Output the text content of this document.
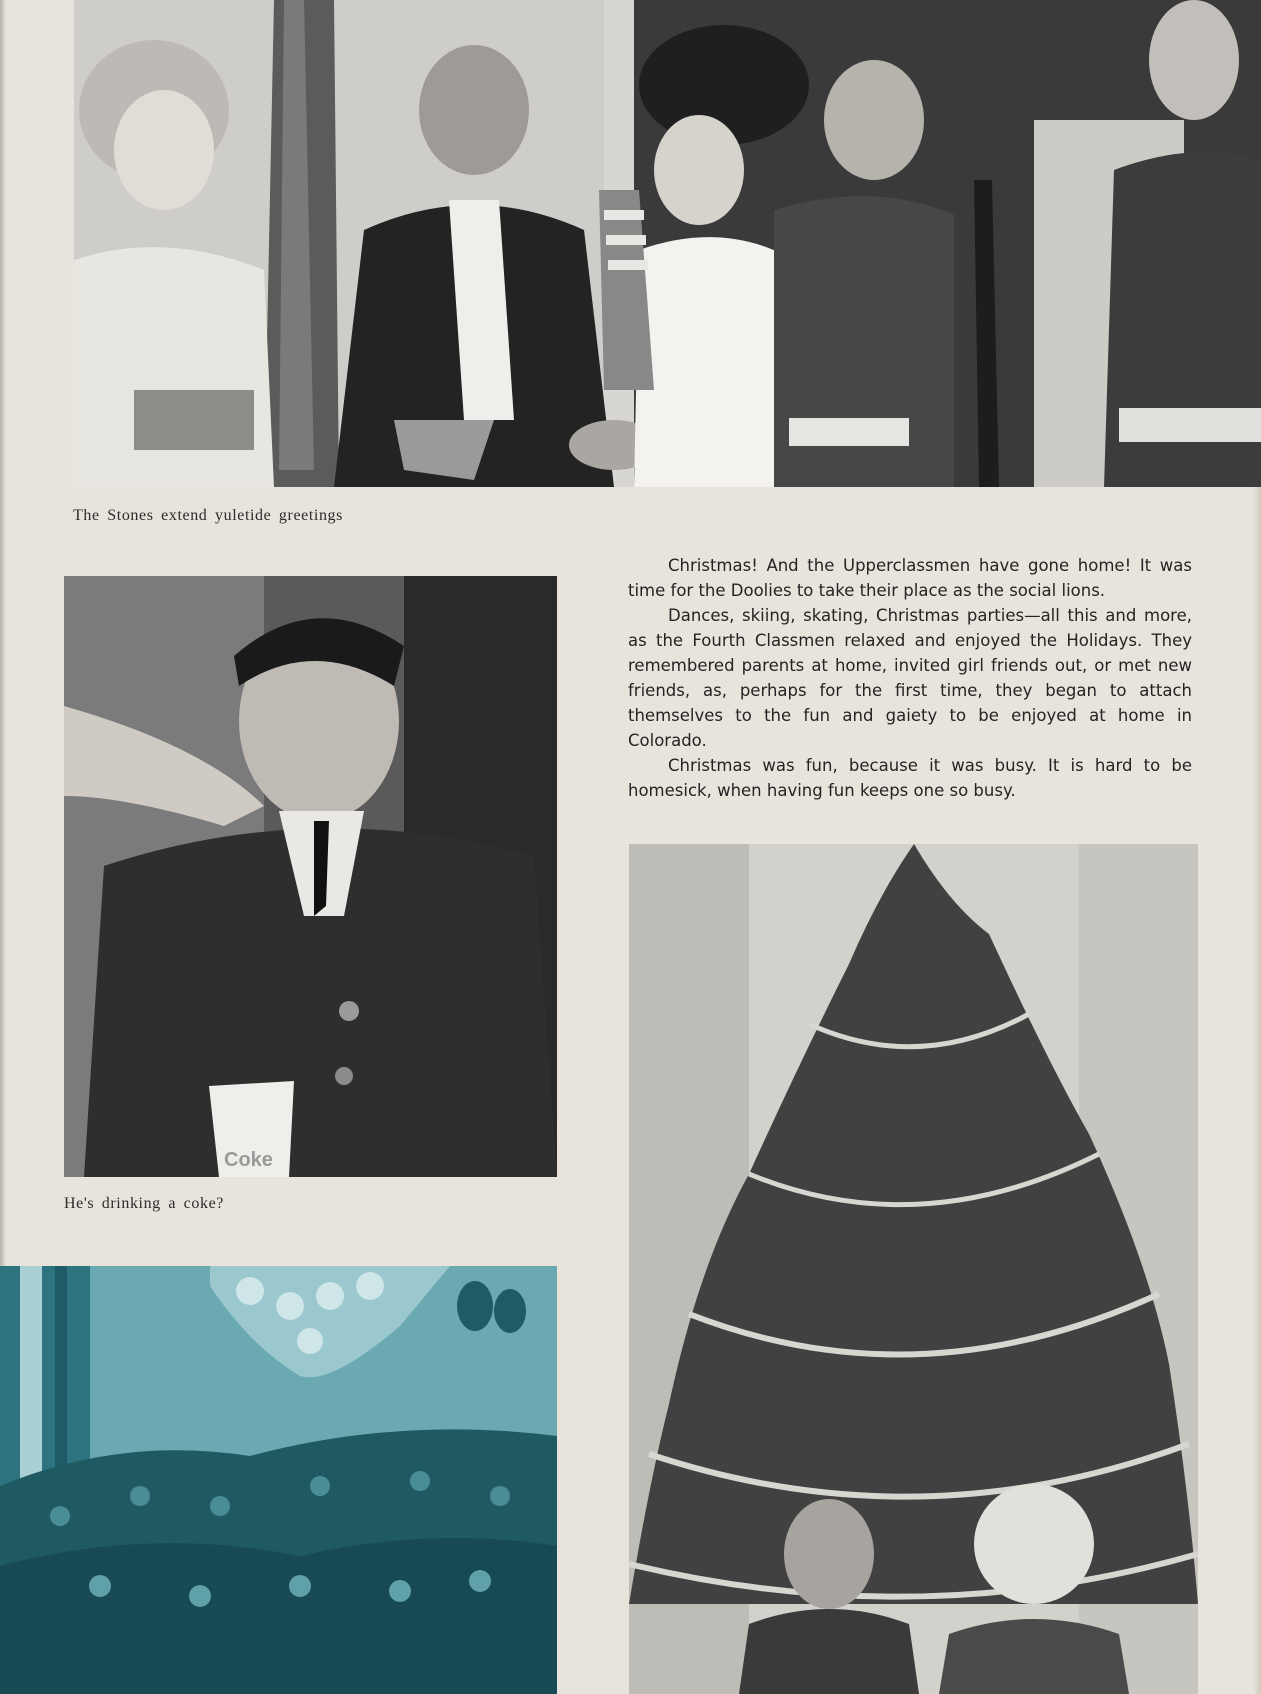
The Stones extend yuletide greetings
Coke
He's drinking a coke?

Christmas! And the Upperclassmen have gone home! It was time for the Doolies to take their place as the social lions.

Dances, skiing, skating, Christmas parties—all this and more, as the Fourth Classmen relaxed and enjoyed the Holidays. They remembered parents at home, invited girl friends out, or met new friends, as, perhaps for the first time, they began to attach themselves to the fun and gaiety to be enjoyed at home in Colorado.

Christmas was fun, because it was busy. It is hard to be homesick, when having fun keeps one so busy.
